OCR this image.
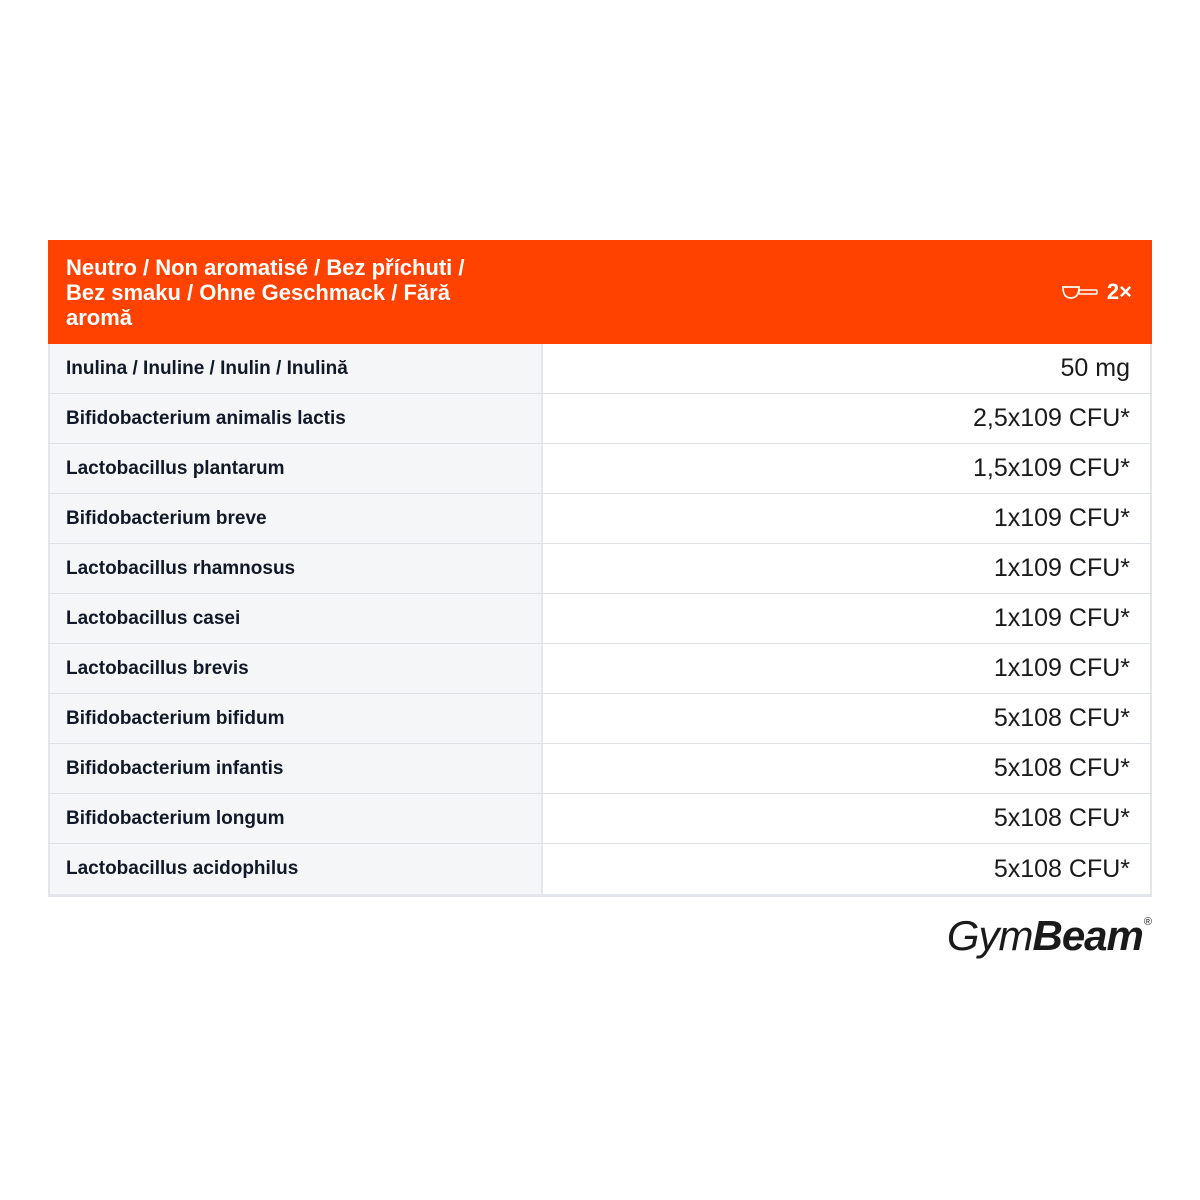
Neutro / Non aromatisé / Bez příchuti /
Bez smaku / Ohne Geschmack / Fără
aromă
2×
Inulina / Inuline / Inulin / Inulină	50 mg
Bifidobacterium animalis lactis	2,5x109 CFU*
Lactobacillus plantarum	1,5x109 CFU*
Bifidobacterium breve	1x109 CFU*
Lactobacillus rhamnosus	1x109 CFU*
Lactobacillus casei	1x109 CFU*
Lactobacillus brevis	1x109 CFU*
Bifidobacterium bifidum	5x108 CFU*
Bifidobacterium infantis	5x108 CFU*
Bifidobacterium longum	5x108 CFU*
Lactobacillus acidophilus	5x108 CFU*
Gym Beam ®
